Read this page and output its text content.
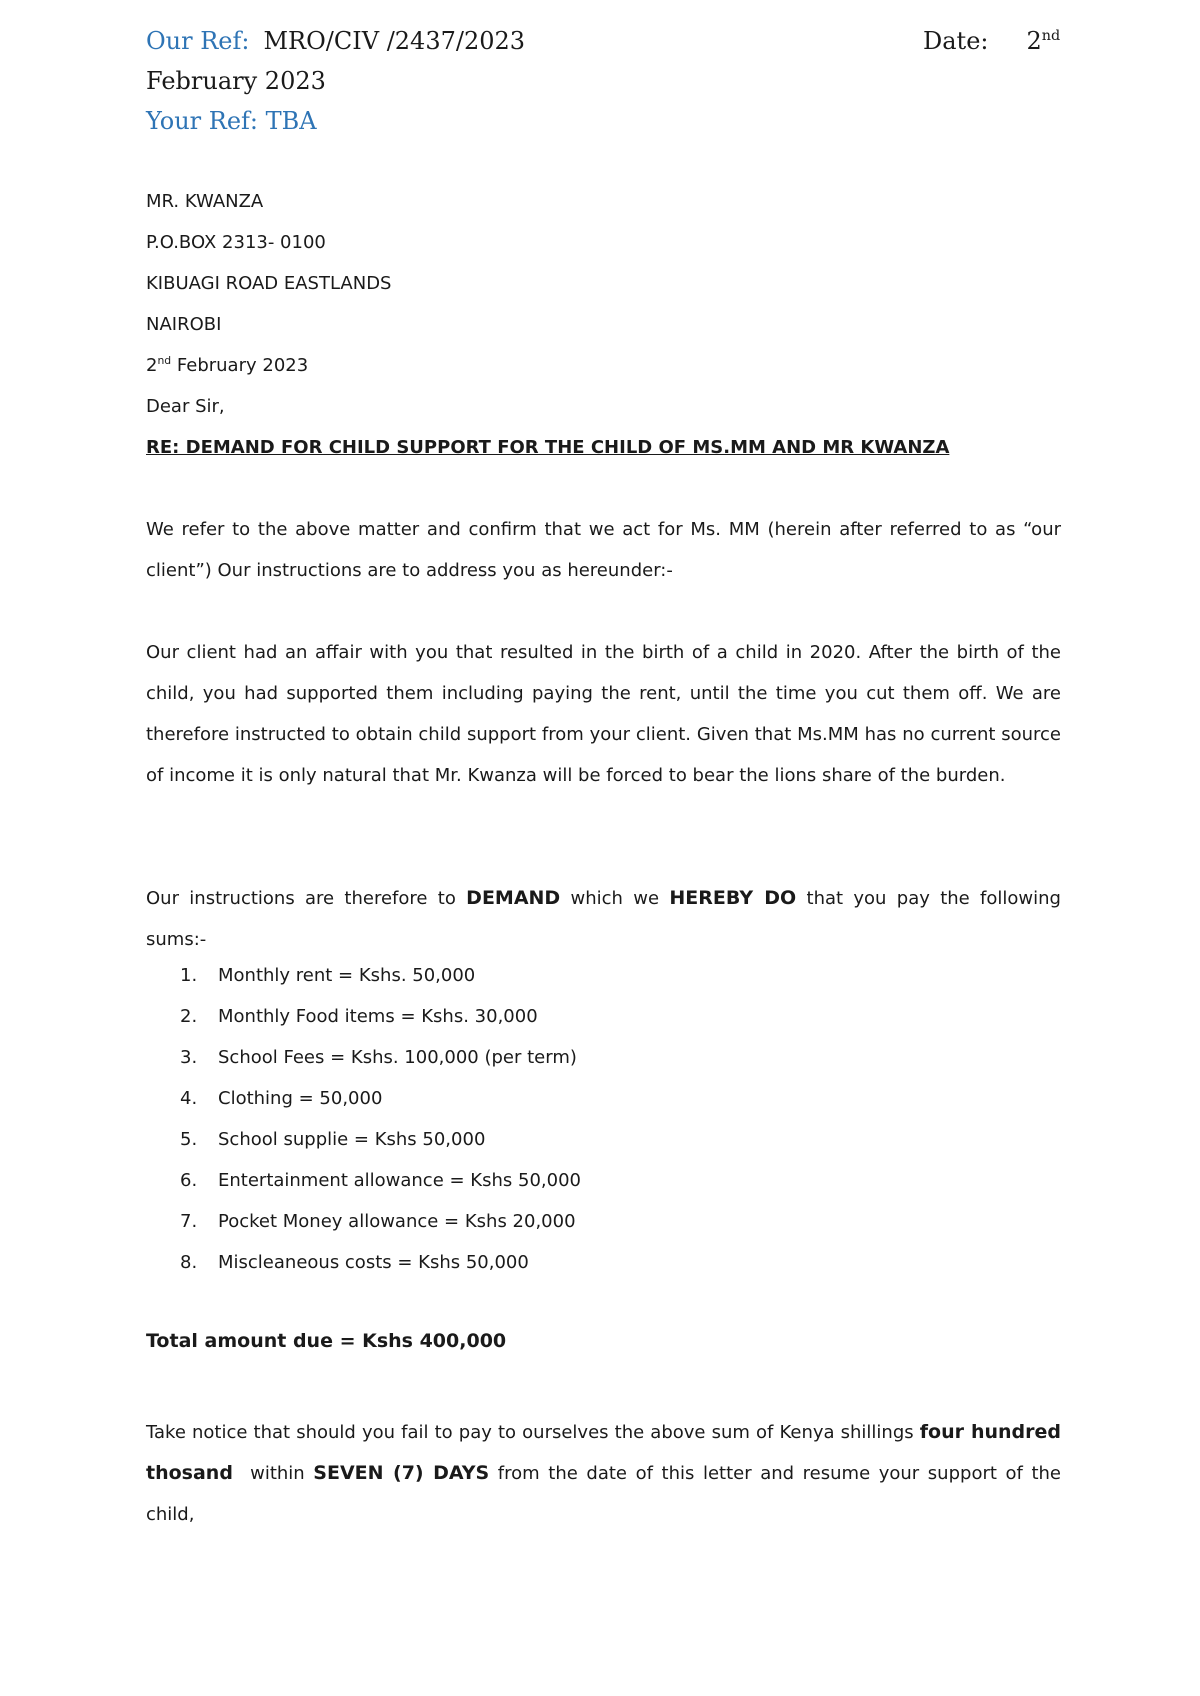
Our Ref: MRO/CIV /2437/2023	Date: 2nd
February 2023
Your Ref: TBA
MR. KWANZA
P.O.BOX 2313- 0100
KIBUAGI ROAD EASTLANDS
NAIROBI
2nd February 2023
Dear Sir,
RE: DEMAND FOR CHILD SUPPORT FOR THE CHILD OF MS.MM AND MR KWANZA
We refer to the above matter and confirm that we act for Ms. MM (herein after referred to as “our client”) Our instructions are to address you as hereunder:-
Our client had an affair with you that resulted in the birth of a child in 2020. After the birth of the child, you had supported them including paying the rent, until the time you cut them off. We are therefore instructed to obtain child support from your client. Given that Ms.MM has no current source of income it is only natural that Mr. Kwanza will be forced to bear the lions share of the burden.
Our instructions are therefore to DEMAND which we HEREBY DO that you pay the following sums:-
1. Monthly rent = Kshs. 50,000
2. Monthly Food items = Kshs. 30,000
3. School Fees = Kshs. 100,000 (per term)
4. Clothing = 50,000
5. School supplie = Kshs 50,000
6. Entertainment allowance = Kshs 50,000
7. Pocket Money allowance = Kshs 20,000
8. Miscleaneous costs = Kshs 50,000
Total amount due = Kshs 400,000
Take notice that should you fail to pay to ourselves the above sum of Kenya shillings four hundred thosand  within SEVEN (7) DAYS from the date of this letter and resume your support of the child,
